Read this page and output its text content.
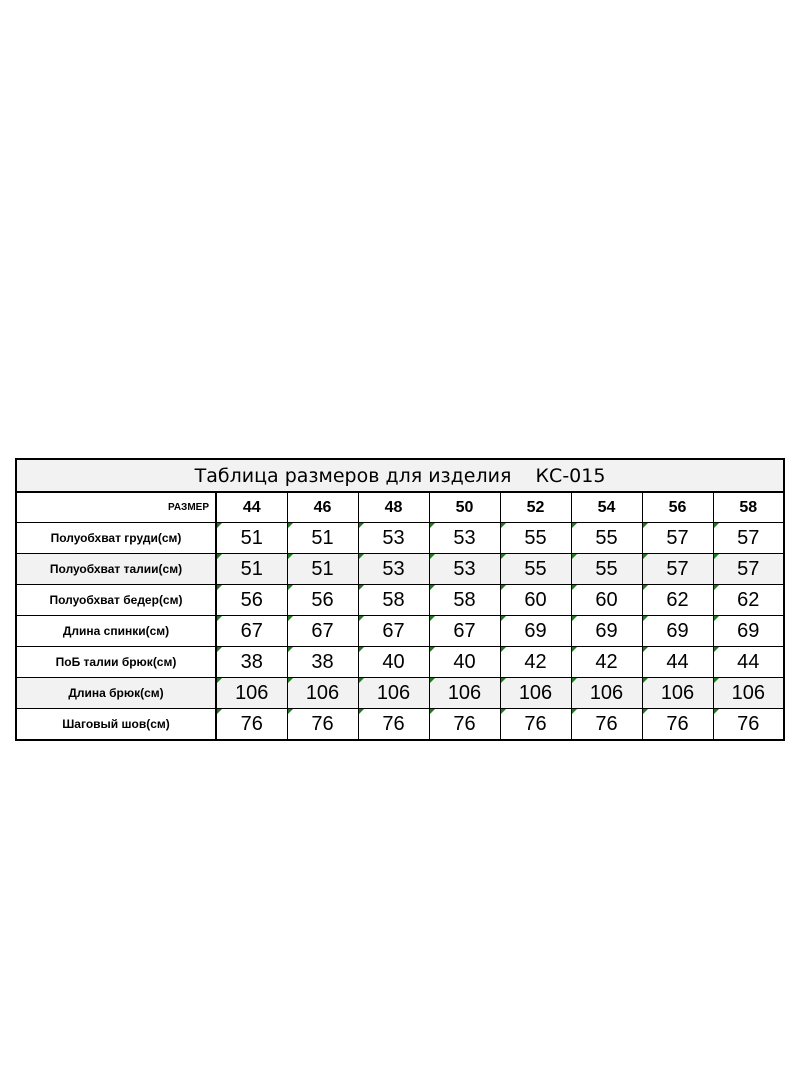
Таблица размеров для изделия    КС-015								
РАЗМЕР	44	46	48	50	52	54	56	58
Полуобхват груди(см)	51	51	53	53	55	55	57	57
Полуобхват талии(см)	51	51	53	53	55	55	57	57
Полуобхват бедер(см)	56	56	58	58	60	60	62	62
Длина спинки(см)	67	67	67	67	69	69	69	69
ПоБ талии брюк(см)	38	38	40	40	42	42	44	44
Длина брюк(см)	106	106	106	106	106	106	106	106
Шаговый шов(см)	76	76	76	76	76	76	76	76
